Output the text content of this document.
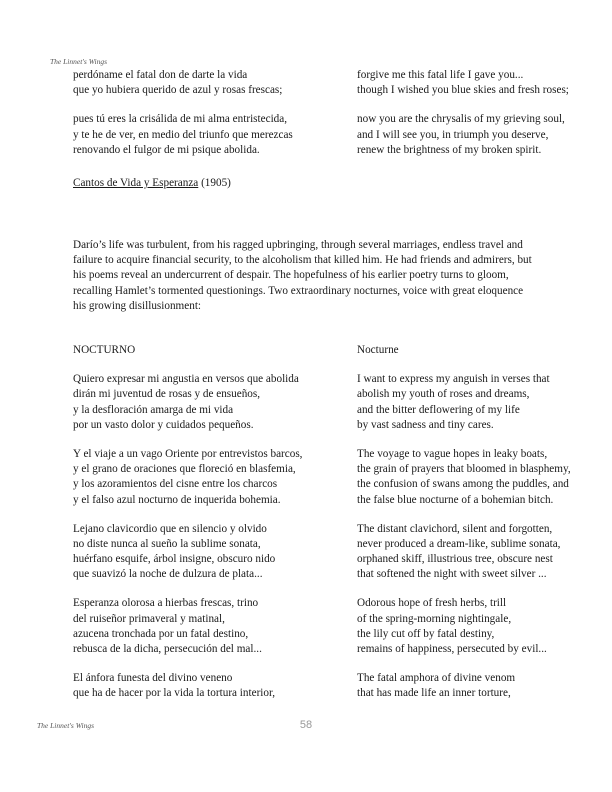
The Linnet's Wings
perdóname el fatal don de darte la vida
que yo hubiera querido de azul y rosas frescas;
pues tú eres la crisálida de mi alma entristecida,
y te he de ver, en medio del triunfo que merezcas
renovando el fulgor de mi psique abolida.
forgive me this fatal life I gave you...
though I wished you blue skies and fresh roses;
now you are the chrysalis of my grieving soul,
and I will see you, in triumph you deserve,
renew the brightness of my broken spirit.
Cantos de Vida y Esperanza (1905)
Darío’s life was turbulent, from his ragged upbringing, through several marriages, endless travel and
failure to acquire financial security, to the alcoholism that killed him. He had friends and admirers, but
his poems reveal an undercurrent of despair. The hopefulness of his earlier poetry turns to gloom,
recalling Hamlet’s tormented questionings. Two extraordinary nocturnes, voice with great eloquence
his growing disillusionment:
NOCTURNO
Quiero expresar mi angustia en versos que abolida
dirán mi juventud de rosas y de ensueños,
y la desfloración amarga de mi vida
por un vasto dolor y cuidados pequeños.
Y el viaje a un vago Oriente por entrevistos barcos,
y el grano de oraciones que floreció en blasfemia,
y los azoramientos del cisne entre los charcos
y el falso azul nocturno de inquerida bohemia.
Lejano clavicordio que en silencio y olvido
no diste nunca al sueño la sublime sonata,
huérfano esquife, árbol insigne, obscuro nido
que suavizó la noche de dulzura de plata...
Esperanza olorosa a hierbas frescas, trino
del ruiseñor primaveral y matinal,
azucena tronchada por un fatal destino,
rebusca de la dicha, persecución del mal...
El ánfora funesta del divino veneno
que ha de hacer por la vida la tortura interior,
Nocturne
I want to express my anguish in verses that
abolish my youth of roses and dreams,
and the bitter deflowering of my life
by vast sadness and tiny cares.
The voyage to vague hopes in leaky boats,
the grain of prayers that bloomed in blasphemy,
the confusion of swans among the puddles, and
the false blue nocturne of a bohemian bitch.
The distant clavichord, silent and forgotten,
never produced a dream-like, sublime sonata,
orphaned skiff, illustrious tree, obscure nest
that softened the night with sweet silver ...
Odorous hope of fresh herbs, trill
of the spring-morning nightingale,
the lily cut off by fatal destiny,
remains of happiness, persecuted by evil...
The fatal amphora of divine venom
that has made life an inner torture,
The Linnet's Wings	58
